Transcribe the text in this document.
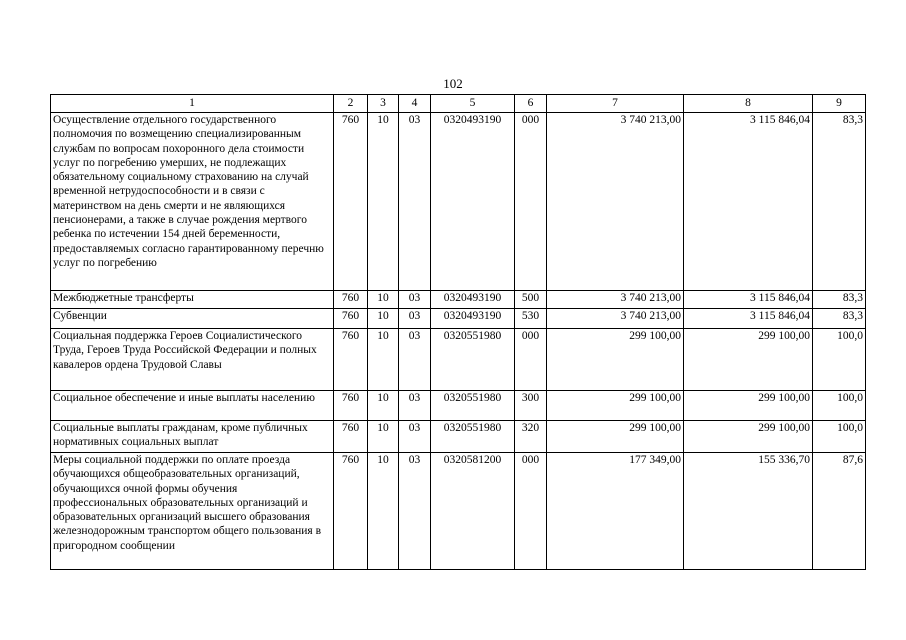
102
1	2	3	4	5	6	7	8	9
Осуществление отдельного государственного полномочия по возмещению специализированным службам по вопросам похоронного дела стоимости услуг по погребению умерших, не подлежащих обязательному социальному страхованию на случай временной нетрудоспособности и в связи с материнством на день смерти и не являющихся пенсионерами, а также в случае рождения мертвого ребенка по истечении 154 дней беременности, предоставляемых согласно гарантированному перечню услуг по погребению	760	10	03	0320493190	000	3 740 213,00	3 115 846,04	83,3
Межбюджетные трансферты	760	10	03	0320493190	500	3 740 213,00	3 115 846,04	83,3
Субвенции	760	10	03	0320493190	530	3 740 213,00	3 115 846,04	83,3
Социальная поддержка Героев Социалистического Труда, Героев Труда Российской Федерации и полных кавалеров ордена Трудовой Славы	760	10	03	0320551980	000	299 100,00	299 100,00	100,0
Социальное обеспечение и иные выплаты населению	760	10	03	0320551980	300	299 100,00	299 100,00	100,0
Социальные выплаты гражданам, кроме публичных нормативных социальных выплат	760	10	03	0320551980	320	299 100,00	299 100,00	100,0
Меры социальной поддержки по оплате проезда обучающихся общеобразовательных организаций, обучающихся очной формы обучения профессиональных образовательных организаций и образовательных организаций высшего образования железнодорожным транспортом общего пользования в пригородном сообщении	760	10	03	0320581200	000	177 349,00	155 336,70	87,6
